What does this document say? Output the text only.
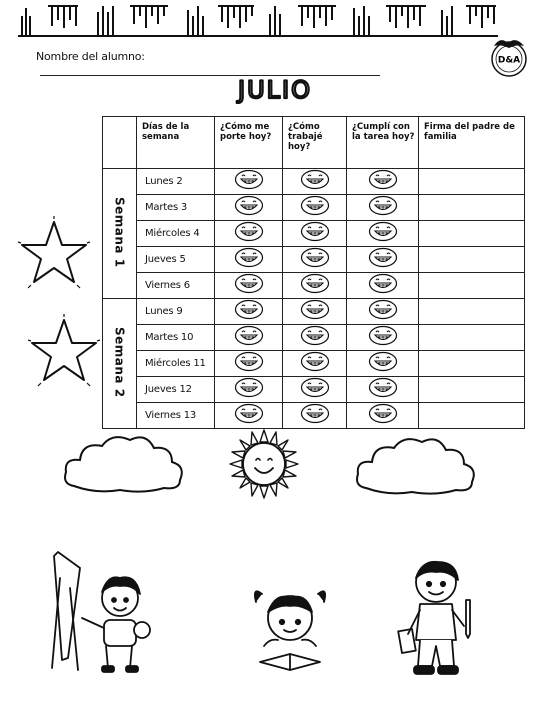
Nombre del alumno:	D&A
JULIO
	Días de la semana	¿Cómo me porte hoy?	¿Cómo trabajé hoy?	¿Cumplí con la tarea hoy?	Firma del padre de familia
Semana 1	Lunes 2				
	Martes 3				
	Miércoles 4				
	Jueves 5				
	Viernes 6				
Semana 2	Lunes 9				
	Martes 10				
	Miércoles 11				
	Jueves 12				
	Viernes 13				
